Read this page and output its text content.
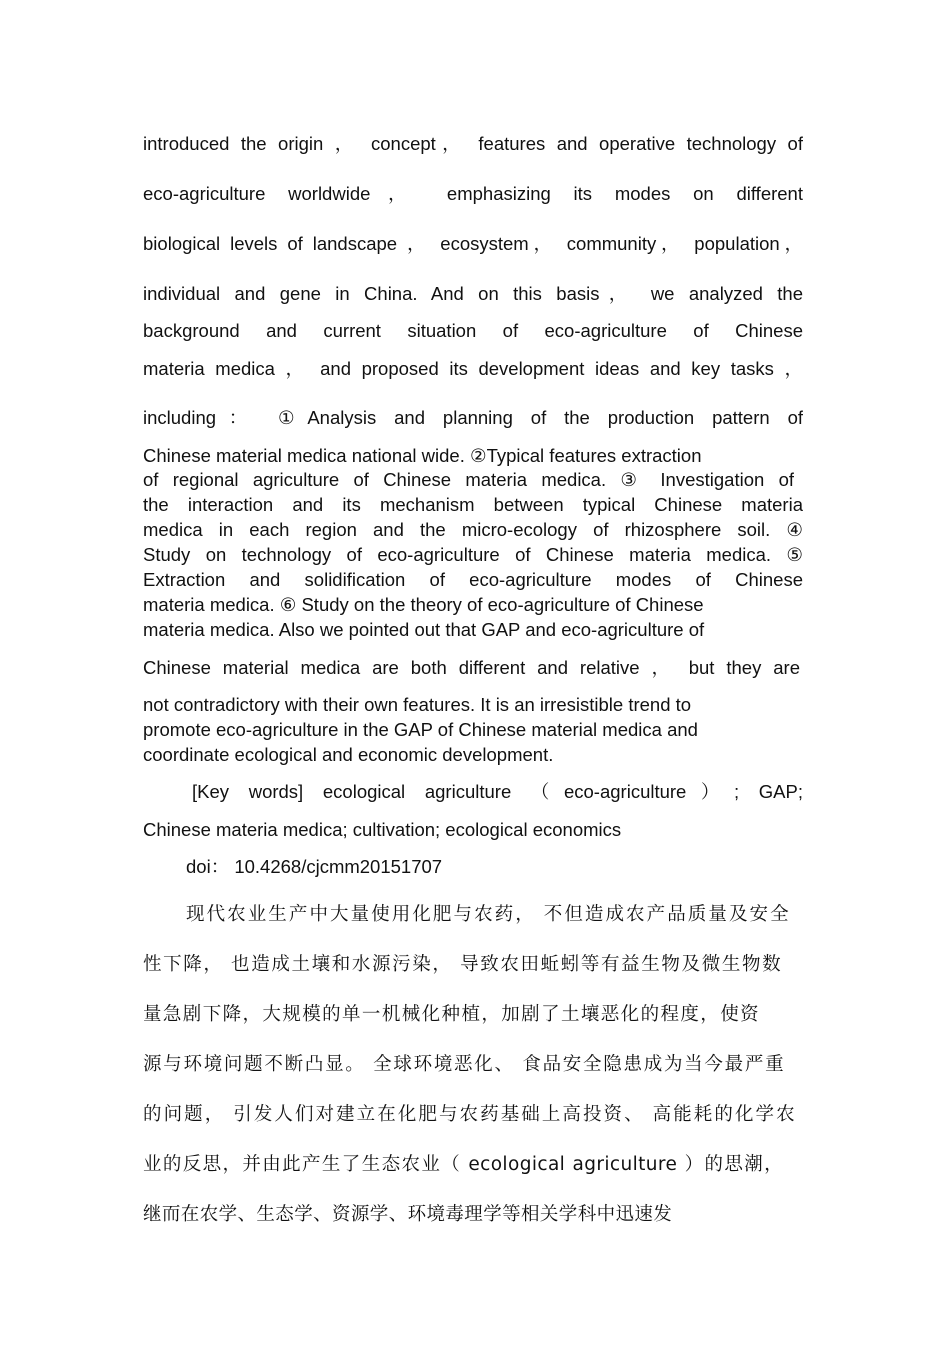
introduced the origin ， concept， features and operative technology of
eco-agriculture worldwide， emphasizing its modes on different
biological levels of landscape ， ecosystem， community， population，
individual and gene in China. And on this basis， we analyzed the
background and current situation of eco-agriculture of Chinese
materia medica ， and proposed its development ideas and key tasks ，
including： ①Analysis and planning of the production pattern of
Chinese material medica national wide. ②Typical features extraction
of regional agriculture of Chinese materia medica. ③ Investigation of
the interaction and its mechanism between typical Chinese materia
medica in each region and the micro-ecology of rhizosphere soil. ④
Study on technology of eco-agriculture of Chinese materia medica. ⑤
Extraction and solidification of eco-agriculture modes of Chinese
materia medica. ⑥ Study on the theory of eco-agriculture of Chinese
materia medica. Also we pointed out that GAP and eco-agriculture of
Chinese material medica are both different and relative ， but they are
not contradictory with their own features. It is an irresistible trend to
promote eco-agriculture in the GAP of Chinese material medica and
coordinate ecological and economic development.
[Key words] ecological agriculture （eco-agriculture）; GAP;
Chinese materia medica; cultivation; ecological economics
doi： 10.4268/cjcmm20151707
现代农业生产中大量使用化肥与农药， 不但造成农产品质量及安全
性下降， 也造成土壤和水源污染， 导致农田蚯蚓等有益生物及微生物数
量急剧下降，大规模的单一机械化种植，加剧了土壤恶化的程度，使资
源与环境问题不断凸显。 全球环境恶化、 食品安全隐患成为当今最严重
的问题， 引发人们对建立在化肥与农药基础上高投资、 高能耗的化学农
业的反思，并由此产生了生态农业（ ecological agriculture ）的思潮，
继而在农学、生态学、资源学、环境毒理学等相关学科中迅速发
